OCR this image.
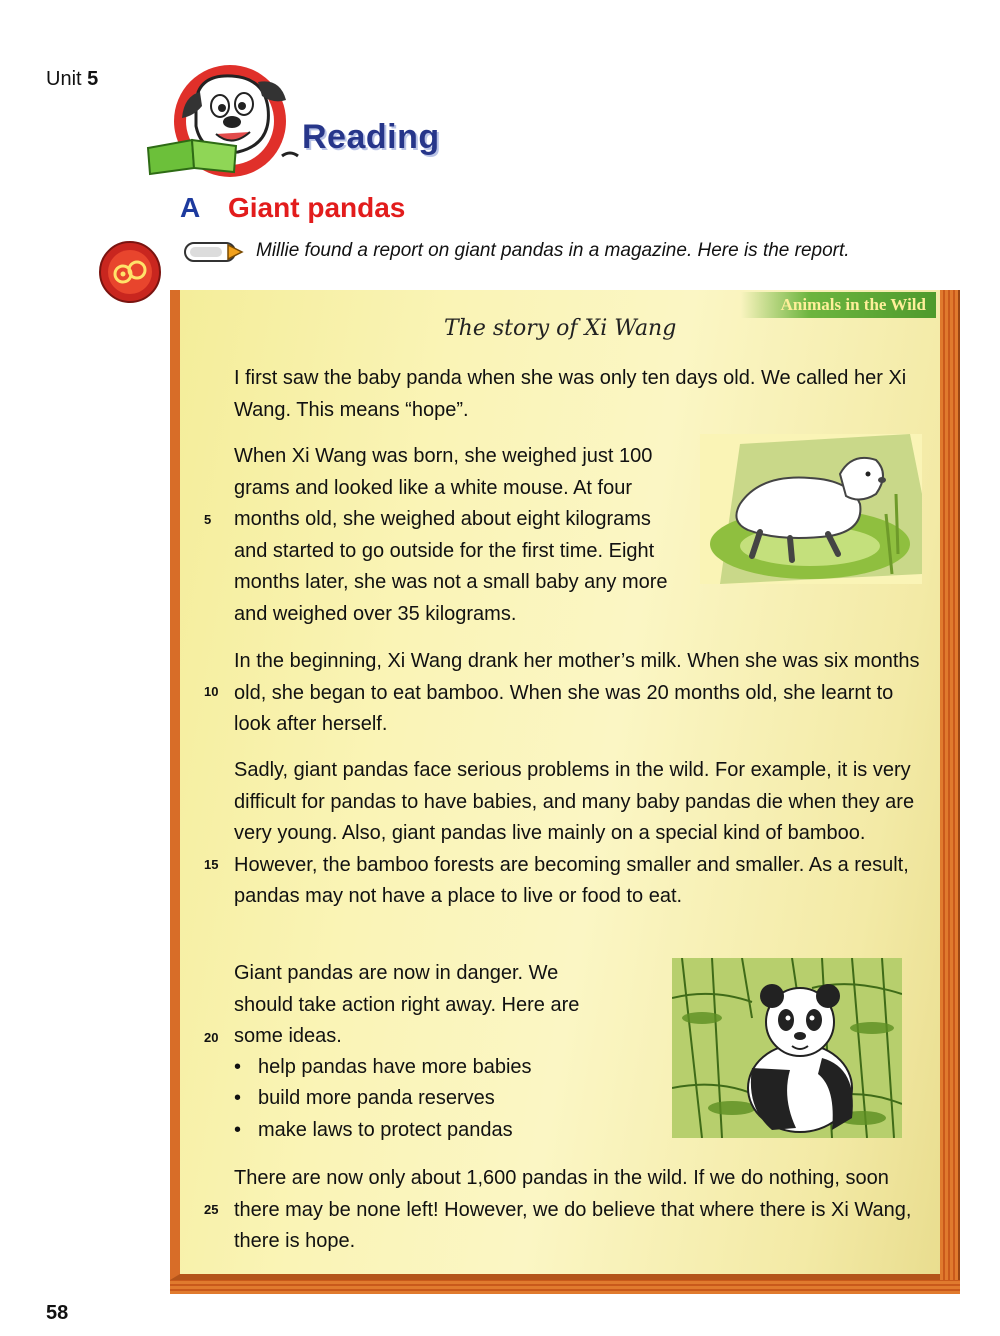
Unit 5
Reading
A Giant pandas
Millie found a report on giant pandas in a magazine. Here is the report.
Animals in the Wild
The story of Xi Wang

I first saw the baby panda when she was only ten days old. We called her Xi Wang. This means “hope”.

When Xi Wang was born, she weighed just 100 grams and looked like a white mouse. At four months old, she weighed about eight kilograms and started to go outside for the first time. Eight months later, she was not a small baby any more and weighed over 35 kilograms.

5

In the beginning, Xi Wang drank her mother’s milk. When she was six months old, she began to eat bamboo. When she was 20 months old, she learnt to look after herself.

10

Sadly, giant pandas face serious problems in the wild. For example, it is very difficult for pandas to have babies, and many baby pandas die when they are very young. Also, giant pandas live mainly on a special kind of bamboo. However, the bamboo forests are becoming smaller and smaller. As a result, pandas may not have a place to live or food to eat.

15

Giant pandas are now in danger. We should take action right away. Here are some ideas.

20
• help pandas have more babies
• build more panda reserves
• make laws to protect pandas

There are now only about 1,600 pandas in the wild. If we do nothing, soon there may be none left! However, we do believe that where there is Xi Wang, there is hope.

25
58
